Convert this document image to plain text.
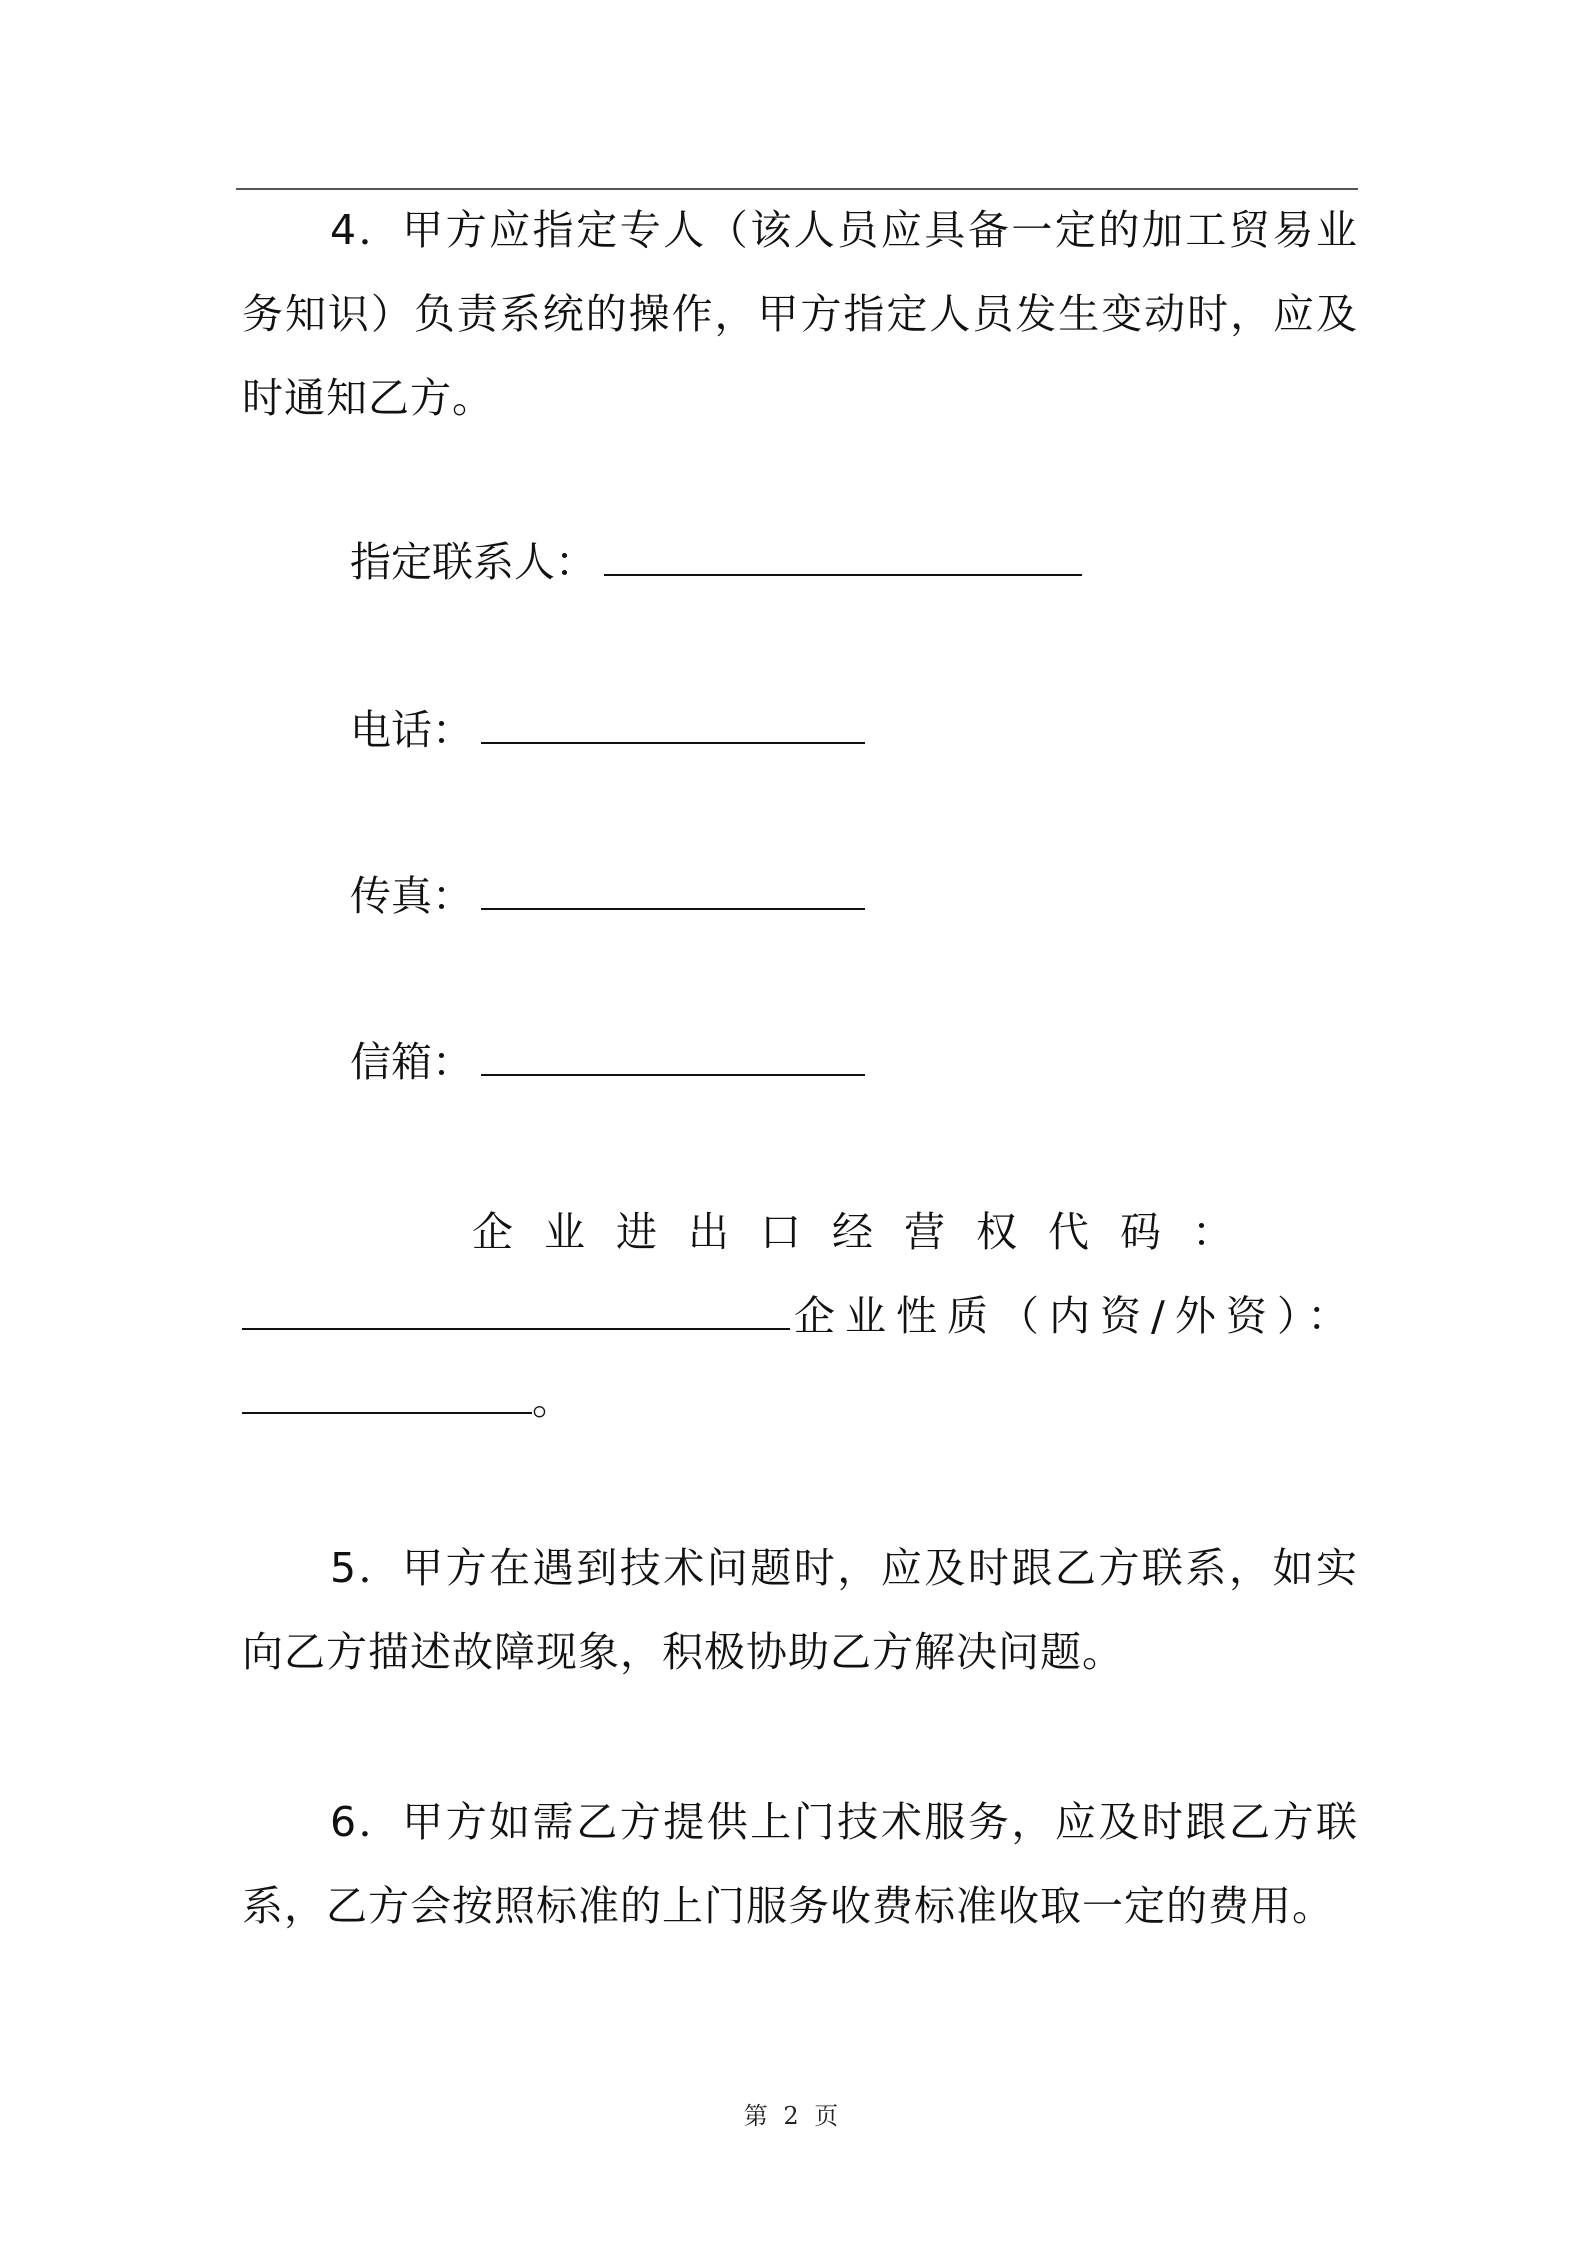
4．甲方应指定专人（该人员应具备一定的加工贸易业务知识）负责系统的操作，甲方指定人员发生变动时，应及时通知乙方。

指定联系人：
电话：
传真：
信箱：
企业进出口经营权代码：
企业性质（内资/外资）：
。

5．甲方在遇到技术问题时，应及时跟乙方联系，如实向乙方描述故障现象，积极协助乙方解决问题。

6．甲方如需乙方提供上门技术服务，应及时跟乙方联系，乙方会按照标准的上门服务收费标准收取一定的费用。

第 2 页
